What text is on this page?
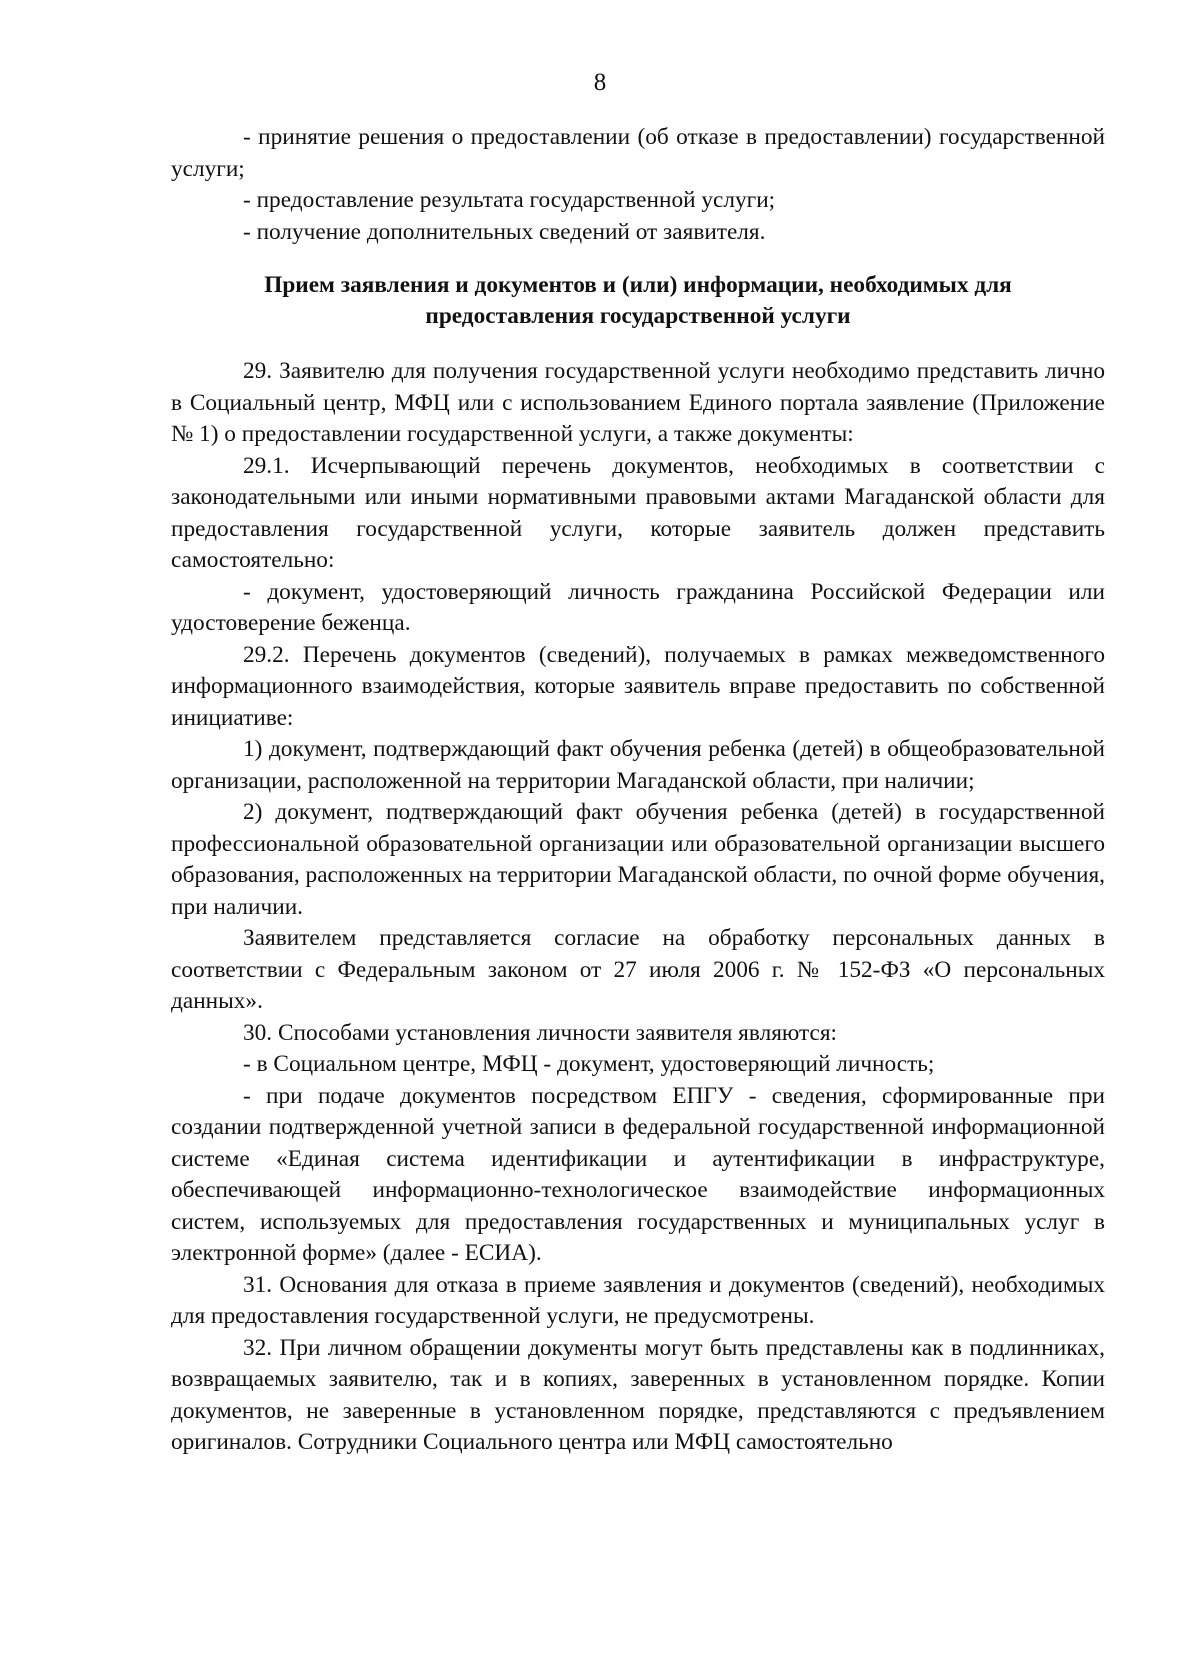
8

- принятие решения о предоставлении (об отказе в предоставлении) государственной услуги;

- предоставление результата государственной услуги;

- получение дополнительных сведений от заявителя.

Прием заявления и документов и (или) информации, необходимых для предоставления государственной услуги

29. Заявителю для получения государственной услуги необходимо представить лично в Социальный центр, МФЦ или с использованием Единого портала заявление (Приложение № 1) о предоставлении государственной услуги, а также документы:

29.1. Исчерпывающий перечень документов, необходимых в соответствии с законодательными или иными нормативными правовыми актами Магаданской области для предоставления государственной услуги, которые заявитель должен представить самостоятельно:

- документ, удостоверяющий личность гражданина Российской Федерации или удостоверение беженца.

29.2. Перечень документов (сведений), получаемых в рамках межведомственного информационного взаимодействия, которые заявитель вправе предоставить по собственной инициативе:

1) документ, подтверждающий факт обучения ребенка (детей) в общеобразовательной организации, расположенной на территории Магаданской области, при наличии;

2) документ, подтверждающий факт обучения ребенка (детей) в государственной профессиональной образовательной организации или образовательной организации высшего образования, расположенных на территории Магаданской области, по очной форме обучения, при наличии.

Заявителем представляется согласие на обработку персональных данных в соответствии с Федеральным законом от 27 июля 2006 г. № 152-ФЗ «О персональных данных».

30. Способами установления личности заявителя являются:

- в Социальном центре, МФЦ - документ, удостоверяющий личность;

- при подаче документов посредством ЕПГУ - сведения, сформированные при создании подтвержденной учетной записи в федеральной государственной информационной системе «Единая система идентификации и аутентификации в инфраструктуре, обеспечивающей информационно-технологическое взаимодействие информационных систем, используемых для предоставления государственных и муниципальных услуг в электронной форме» (далее - ЕСИА).

31. Основания для отказа в приеме заявления и документов (сведений), необходимых для предоставления государственной услуги, не предусмотрены.

32. При личном обращении документы могут быть представлены как в подлинниках, возвращаемых заявителю, так и в копиях, заверенных в установленном порядке. Копии документов, не заверенные в установленном порядке, представляются с предъявлением оригиналов. Сотрудники Социального центра или МФЦ самостоятельно
